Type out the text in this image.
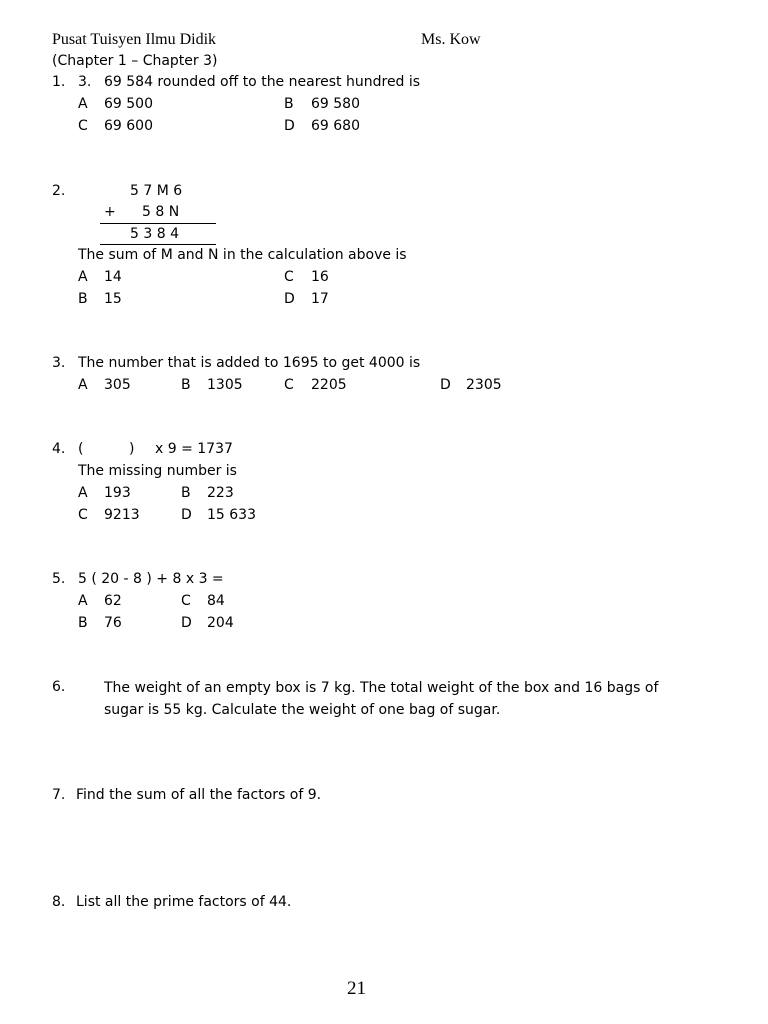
Pusat Tuisyen Ilmu Didik	Ms. Kow
(Chapter 1 – Chapter 3)
1. 3. 69 584 rounded off to the nearest hundred is
A 69 500	B 69 580
C 69 600	D 69 680
2.	5 7 M 6
+ 5 8 N
5 3 8 4
The sum of M and N in the calculation above is
A 14	C 16
B 15	D 17
3. The number that is added to 1695 to get 4000 is
A 305	B 1305	C 2205	D 2305
4. (	) x 9 = 1737
The missing number is
A 193	B 223
C 9213	D 15 633
5. 5 ( 20 - 8 ) + 8 x 3 =
A 62	C 84
B 76	D 204
6.	The weight of an empty box is 7 kg. The total weight of the box and 16 bags of sugar is 55 kg. Calculate the weight of one bag of sugar.
7. Find the sum of all the factors of 9.
8. List all the prime factors of 44.
21
